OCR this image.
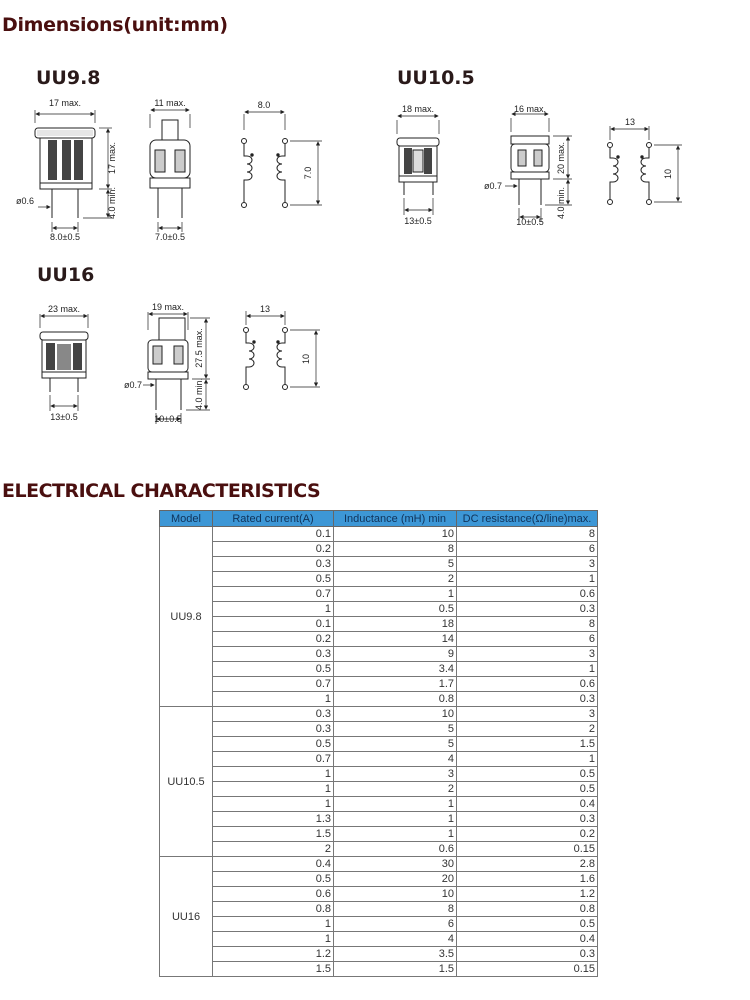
Dimensions(unit:mm)
UU9.8	UU10.5
UU16
17 max.
17 max.
4.0 min.
ø0.6
8.0±0.5
11 max.
7.0±0.5
8.0
7.0
18 max.
13±0.5
16 max.
20 max.
4.0 min.
ø0.7
10±0.5
13
10
23 max.
13±0.5
19 max.
27.5 max.
4.0 min.
ø0.7
10±0.5
13
10
ELECTRICAL CHARACTERISTICS
Model	Rated current(A)	Inductance (mH) min	DC resistance(Ω/line)max.
UU9.8	0.1	10	8
	0.2	8	6
	0.3	5	3
	0.5	2	1
	0.7	1	0.6
	1	0.5	0.3
	0.1	18	8
	0.2	14	6
	0.3	9	3
	0.5	3.4	1
	0.7	1.7	0.6
	1	0.8	0.3
UU10.5	0.3	10	3
	0.3	5	2
	0.5	5	1.5
	0.7	4	1
	1	3	0.5
	1	2	0.5
	1	1	0.4
	1.3	1	0.3
	1.5	1	0.2
	2	0.6	0.15
UU16	0.4	30	2.8
	0.5	20	1.6
	0.6	10	1.2
	0.8	8	0.8
	1	6	0.5
	1	4	0.4
	1.2	3.5	0.3
	1.5	1.5	0.15
